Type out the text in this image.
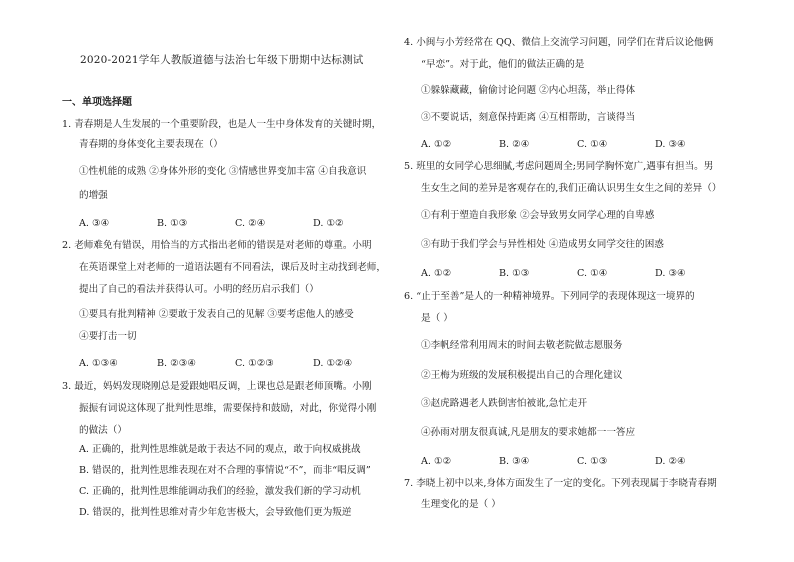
2020-2021学年人教版道德与法治七年级下册期中达标测试
一、单项选择题
1. 青春期是人生发展的一个重要阶段，也是人一生中身体发育的关键时期，
青春期的身体变化主要表现在（）
①性机能的成熟 ②身体外形的变化 ③情感世界变加丰富 ④自我意识
的增强
A. ③④	B. ①③	C. ②④	D. ①②
2. 老师难免有错误，用恰当的方式指出老师的错误是对老师的尊重。小明
在英语课堂上对老师的一道语法题有不同看法，课后及时主动找到老师，
提出了自己的看法并获得认可。小明的经历启示我们（）
①要具有批判精神 ②要敢于发表自己的见解 ③要考虑他人的感受
④要打击一切
A. ①③④	B. ②③④	C. ①②③	D. ①②④
3. 最近，妈妈发现晓刚总是爱跟她唱反调，上课也总是跟老师顶嘴。小刚
振振有词说这体现了批判性思维，需要保持和鼓励，对此，你觉得小刚
的做法（）
A. 正确的，批判性思维就是敢于表达不同的观点，敢于向权威挑战
B. 错误的，批判性思维表现在对不合理的事情说“不”，而非“唱反调”
C. 正确的，批判性思维能调动我们的经验，激发我们新的学习动机
D. 错误的，批判性思维对青少年危害极大，会导致他们更为叛逆
4. 小闽与小芳经常在 QQ、微信上交流学习问题，同学们在背后议论他俩
“早恋”。对于此，他们的做法正确的是
①躲躲藏藏，偷偷讨论问题 ②内心坦荡，举止得体
③不要说话，刻意保持距离 ④互相帮助，言谈得当
A. ①②	B. ②④	C. ①④	D. ③④
5. 班里的女同学心思细腻,考虑问题周全;男同学胸怀宽广,遇事有担当。男
生女生之间的差异是客观存在的,我们正确认识男生女生之间的差异（）
①有利于塑造自我形象 ②会导致男女同学心理的自卑感
③有助于我们学会与异性相处 ④造成男女同学交往的困惑
A. ①②	B. ①③	C. ①④	D. ③④
6. “止于至善”是人的一种精神境界。下列同学的表现体现这一境界的
是（ ）
①李帆经常利用周末的时间去敬老院做志愿服务
②王梅为班级的发展积极提出自己的合理化建议
③赵虎路遇老人跌倒害怕被讹,急忙走开
④孙雨对朋友很真诚,凡是朋友的要求她都一一答应
A. ①②	B. ③④	C. ①③	D. ②④
7. 李晓上初中以来,身体方面发生了一定的变化。下列表现属于李晓青春期
生理变化的是（ ）
